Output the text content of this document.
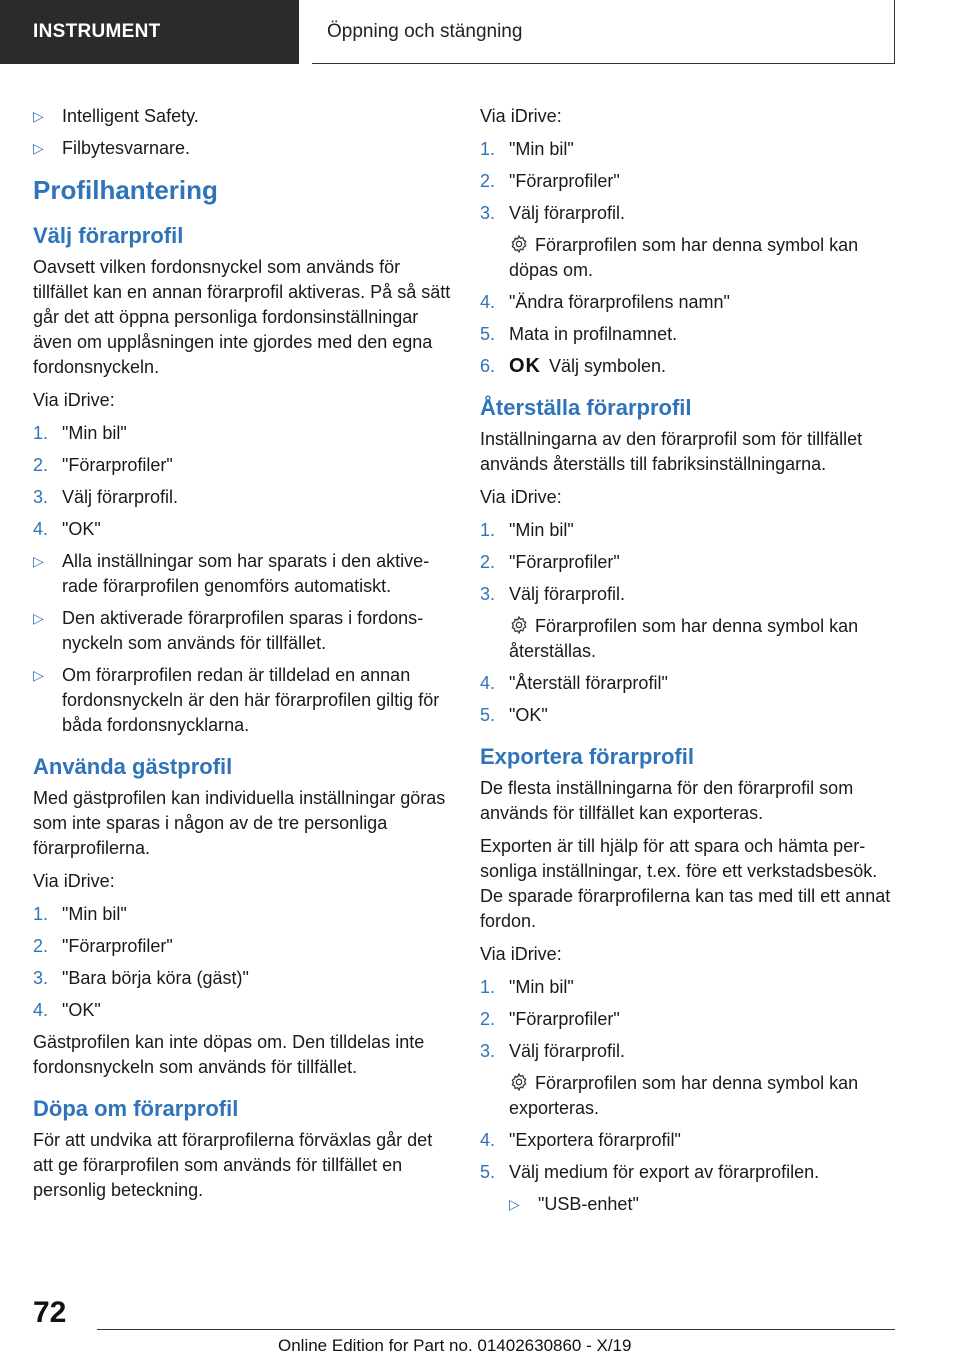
INSTRUMENT	Öppning och stängning
▷	Intelligent Safety.
▷	Filbytesvarnare.
Profilhantering
Välj förarprofil

Oavsett vilken fordonsnyckel som används för tillfället kan en annan förarprofil aktiveras. På så sätt går det att öppna personliga fordonsinställningar även om upplåsningen inte gjordes med den egna fordonsnyckeln.

Via iDrive:

1. "Min bil"
2. "Förarprofiler"
3. Välj förarprofil.
4. "OK"
▷	Alla inställningar som har sparats i den aktiverade förarprofilen genomförs automatiskt.
▷	Den aktiverade förarprofilen sparas i fordonsnyckeln som används för tillfället.
▷	Om förarprofilen redan är tilldelad en annan fordonsnyckeln är den här förarprofilen giltig för båda fordonsnycklarna.
Använda gästprofil

Med gästprofilen kan individuella inställningar göras som inte sparas i någon av de tre personliga förarprofilerna.

Via iDrive:

1. "Min bil"
2. "Förarprofiler"
3. "Bara börja köra (gäst)"
4. "OK"

Gästprofilen kan inte döpas om. Den tilldelas inte fordonsnyckeln som används för tillfället.

Döpa om förarprofil

För att undvika att förarprofilerna förväxlas går det att ge förarprofilen som används för tillfället en personlig beteckning.

Via iDrive:

1. "Min bil"
2. "Förarprofiler"
3. Välj förarprofil.
Förarprofilen som har denna symbol kan döpas om.
4. "Ändra förarprofilens namn"
5. Mata in profilnamnet.
6. OK Välj symbolen.
Återställa förarprofil

Inställningarna av den förarprofil som för tillfället används återställs till fabriksinställningarna.

Via iDrive:

1. "Min bil"
2. "Förarprofiler"
3. Välj förarprofil.
Förarprofilen som har denna symbol kan återställas.
4. "Återställ förarprofil"
5. "OK"
Exportera förarprofil

De flesta inställningarna för den förarprofil som används för tillfället kan exporteras.

Exporten är till hjälp för att spara och hämta personliga inställningar, t.ex. före ett verkstadsbesök. De sparade förarprofilerna kan tas med till ett annat fordon.

Via iDrive:

1. "Min bil"
2. "Förarprofiler"
3. Välj förarprofil.
Förarprofilen som har denna symbol kan exporteras.
4. "Exportera förarprofil"
5. Välj medium för export av förarprofilen.
▷	"USB-enhet"
72
Online Edition for Part no. 01402630860 - X/19
